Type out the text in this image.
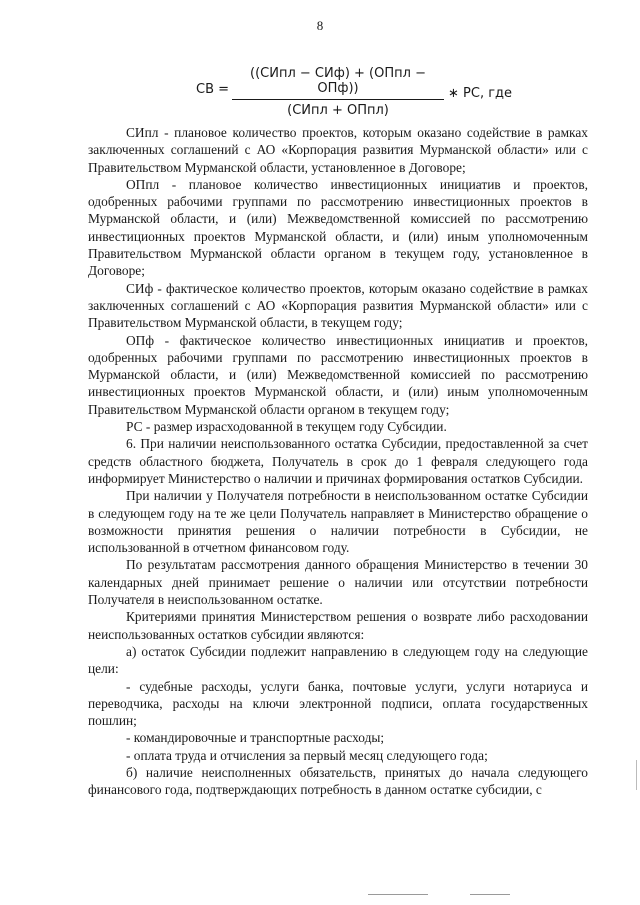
8
СВ =
((СИпл − СИф) + (ОПпл − ОПф))
(СИпл + ОПпл)
∗ РС, где

СИпл - плановое количество проектов, которым оказано содействие в рамках заключенных соглашений с АО «Корпорация развития Мурманской области» или с Правительством Мурманской области, установленное в Договоре;

ОПпл - плановое количество инвестиционных инициатив и проектов, одобренных рабочими группами по рассмотрению инвестиционных проектов в Мурманской области, и (или) Межведомственной комиссией по рассмотрению инвестиционных проектов Мурманской области, и (или) иным уполномоченным Правительством Мурманской области органом в текущем году, установленное в Договоре;

СИф - фактическое количество проектов, которым оказано содействие в рамках заключенных соглашений с АО «Корпорация развития Мурманской области» или с Правительством Мурманской области, в текущем году;

ОПф - фактическое количество инвестиционных инициатив и проектов, одобренных рабочими группами по рассмотрению инвестиционных проектов в Мурманской области, и (или) Межведомственной комиссией по рассмотрению инвестиционных проектов Мурманской области, и (или) иным уполномоченным Правительством Мурманской области органом в текущем году;

РС - размер израсходованной в текущем году Субсидии.

6. При наличии неиспользованного остатка Субсидии, предоставленной за счет средств областного бюджета, Получатель в срок до 1 февраля следующего года информирует Министерство о наличии и причинах формирования остатков Субсидии.

При наличии у Получателя потребности в неиспользованном остатке Субсидии в следующем году на те же цели Получатель направляет в Министерство обращение о возможности принятия решения о наличии потребности в Субсидии, не использованной в отчетном финансовом году.

По результатам рассмотрения данного обращения Министерство в течении 30 календарных дней принимает решение о наличии или отсутствии потребности Получателя в неиспользованном остатке.

Критериями принятия Министерством решения о возврате либо расходовании неиспользованных остатков субсидии являются:

а) остаток Субсидии подлежит направлению в следующем году на следующие цели:

- судебные расходы, услуги банка, почтовые услуги, услуги нотариуса и переводчика, расходы на ключи электронной подписи, оплата государственных пошлин;

- командировочные и транспортные расходы;

- оплата труда и отчисления за первый месяц следующего года;

б) наличие неисполненных обязательств, принятых до начала следующего финансового года, подтверждающих потребность в данном остатке субсидии, с
